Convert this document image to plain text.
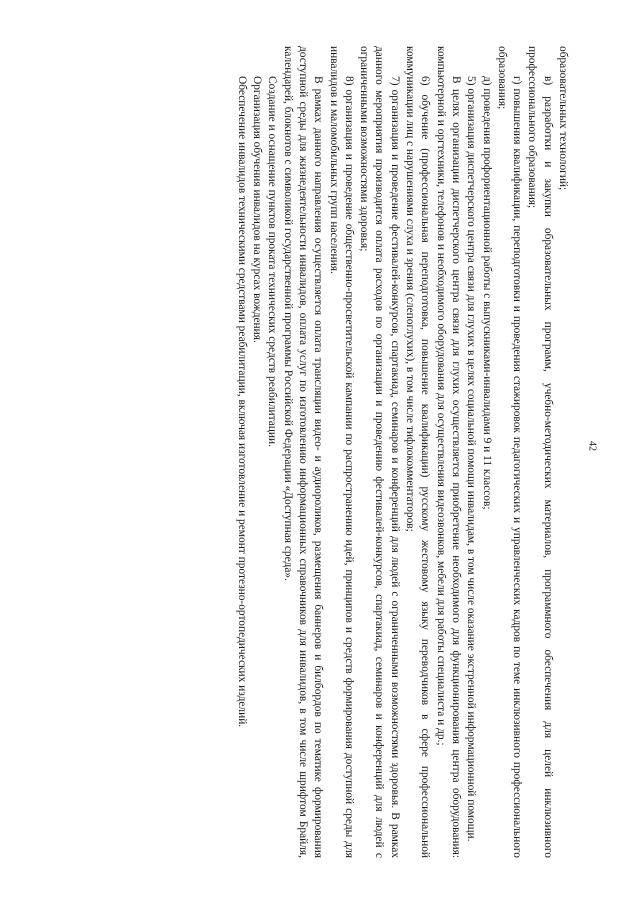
42

образовательных технологий;

в) разработки и закупки образовательных программ, учебно-методических материалов, программного обеспечения для целей инклюзивного профессионального образования;

г) повышения квалификации, переподготовки и проведения стажировок педагогических и управленческих кадров по теме инклюзивного профессионального образования;

д) проведения профориентационной работы с выпускниками-инвалидами 9 и 11 классов;

5) организация диспетчерского центра связи для глухих в целях социальной помощи инвалидам, в том числе оказание экстренной информационной помощи.

В целях организации диспетчерского центра связи для глухих осуществляется приобретение необходимого для функционирования центра оборудования: компьютерной и оргтехники, телефонов и необходимого оборудования для осуществления видеозвонков, мебели для работы специалиста и др.;

6) обучение (профессиональная переподготовка, повышение квалификации) русскому жестовому языку переводчиков в сфере профессиональной коммуникации лиц с нарушениями слуха и зрения (слепоглухих), в том числе тифлокомментаторов;

7) организация и проведение фестивалей-конкурсов, спартакиад, семинаров и конференций для людей с ограниченными возможностями здоровья. В рамках данного мероприятия производится оплата расходов по организации и проведению фестивалей-конкурсов, спартакиад, семинаров и конференций для людей с ограниченными возможностями здоровья;

8) организация и проведение общественно-просветительской кампании по распространению идей, принципов и средств формирования доступной среды для инвалидов и маломобильных групп населения.

В рамках данного направления осуществляется оплата трансляции видео- и аудиороликов, размещения баннеров и билбордов по тематике формирования доступной среды для жизнедеятельности инвалидов, оплата услуг по изготовлению информационных справочников для инвалидов, в том числе шрифтом Брайля, календарей, блокнотов с символикой государственной программы Российской Федерации «Доступная среда».

Создание и оснащение пунктов проката технических средств реабилитации.

Организация обучения инвалидов на курсах вождения.

Обеспечение инвалидов техническими средствами реабилитации, включая изготовление и ремонт протезно-ортопедических изделий.
